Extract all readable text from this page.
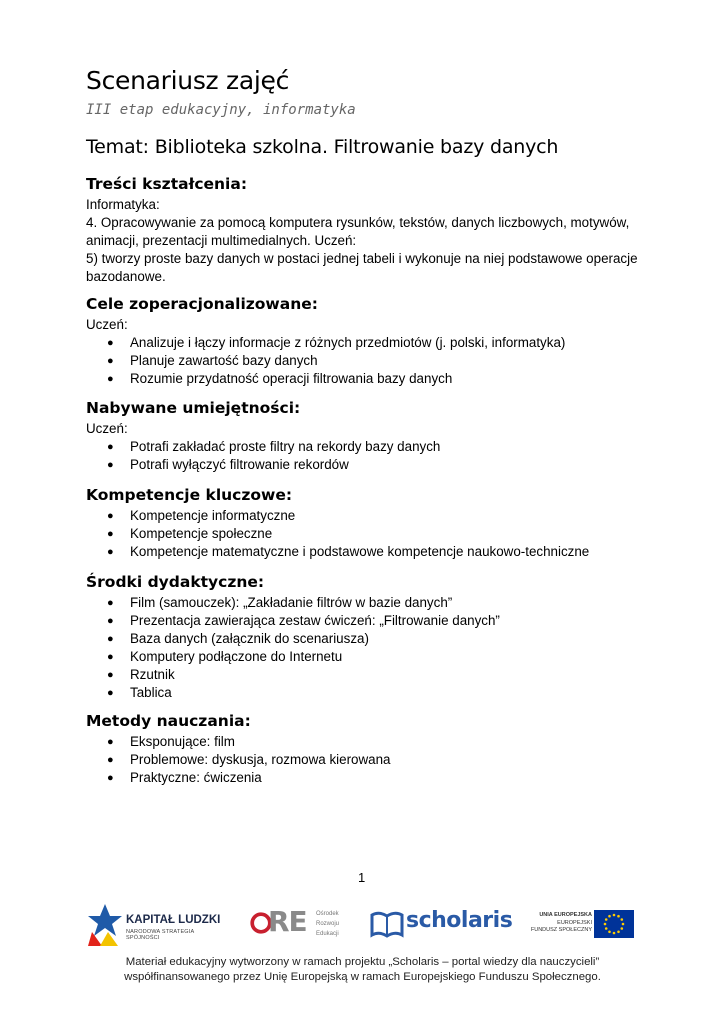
Scenariusz zajęć
III etap edukacyjny, informatyka
Temat: Biblioteka szkolna. Filtrowanie bazy danych
Treści kształcenia:

Informatyka:

4. Opracowywanie za pomocą komputera rysunków, tekstów, danych liczbowych, motywów,

animacji, prezentacji multimedialnych. Uczeń:

5) tworzy proste bazy danych w postaci jednej tabeli i wykonuje na niej podstawowe operacje

bazodanowe.

Cele zoperacjonalizowane:

Uczeń:

● Analizuje i łączy informacje z różnych przedmiotów (j. polski, informatyka)
● Planuje zawartość bazy danych
● Rozumie przydatność operacji filtrowania bazy danych
Nabywane umiejętności:

Uczeń:

● Potrafi zakładać proste filtry na rekordy bazy danych
● Potrafi wyłączyć filtrowanie rekordów
Kompetencje kluczowe:
● Kompetencje informatyczne
● Kompetencje społeczne
● Kompetencje matematyczne i podstawowe kompetencje naukowo-techniczne
Środki dydaktyczne:
● Film (samouczek): „Zakładanie filtrów w bazie danych”
● Prezentacja zawierająca zestaw ćwiczeń: „Filtrowanie danych”
● Baza danych (załącznik do scenariusza)
● Komputery podłączone do Internetu
● Rzutnik
● Tablica
Metody nauczania:
● Eksponujące: film
● Problemowe: dyskusja, rozmowa kierowana
● Praktyczne: ćwiczenia
1
KAPITAŁ LUDZKI
NARODOWA STRATEGIA SPÓJNOŚCI	RE Ośrodek
Rozwoju
Edukacji
scholaris	UNIA EUROPEJSKA
EUROPEJSKI
FUNDUSZ SPOŁECZNY
Materiał edukacyjny wytworzony w ramach projektu „Scholaris – portal wiedzy dla nauczycieli”
współfinansowanego przez Unię Europejską w ramach Europejskiego Funduszu Społecznego.
